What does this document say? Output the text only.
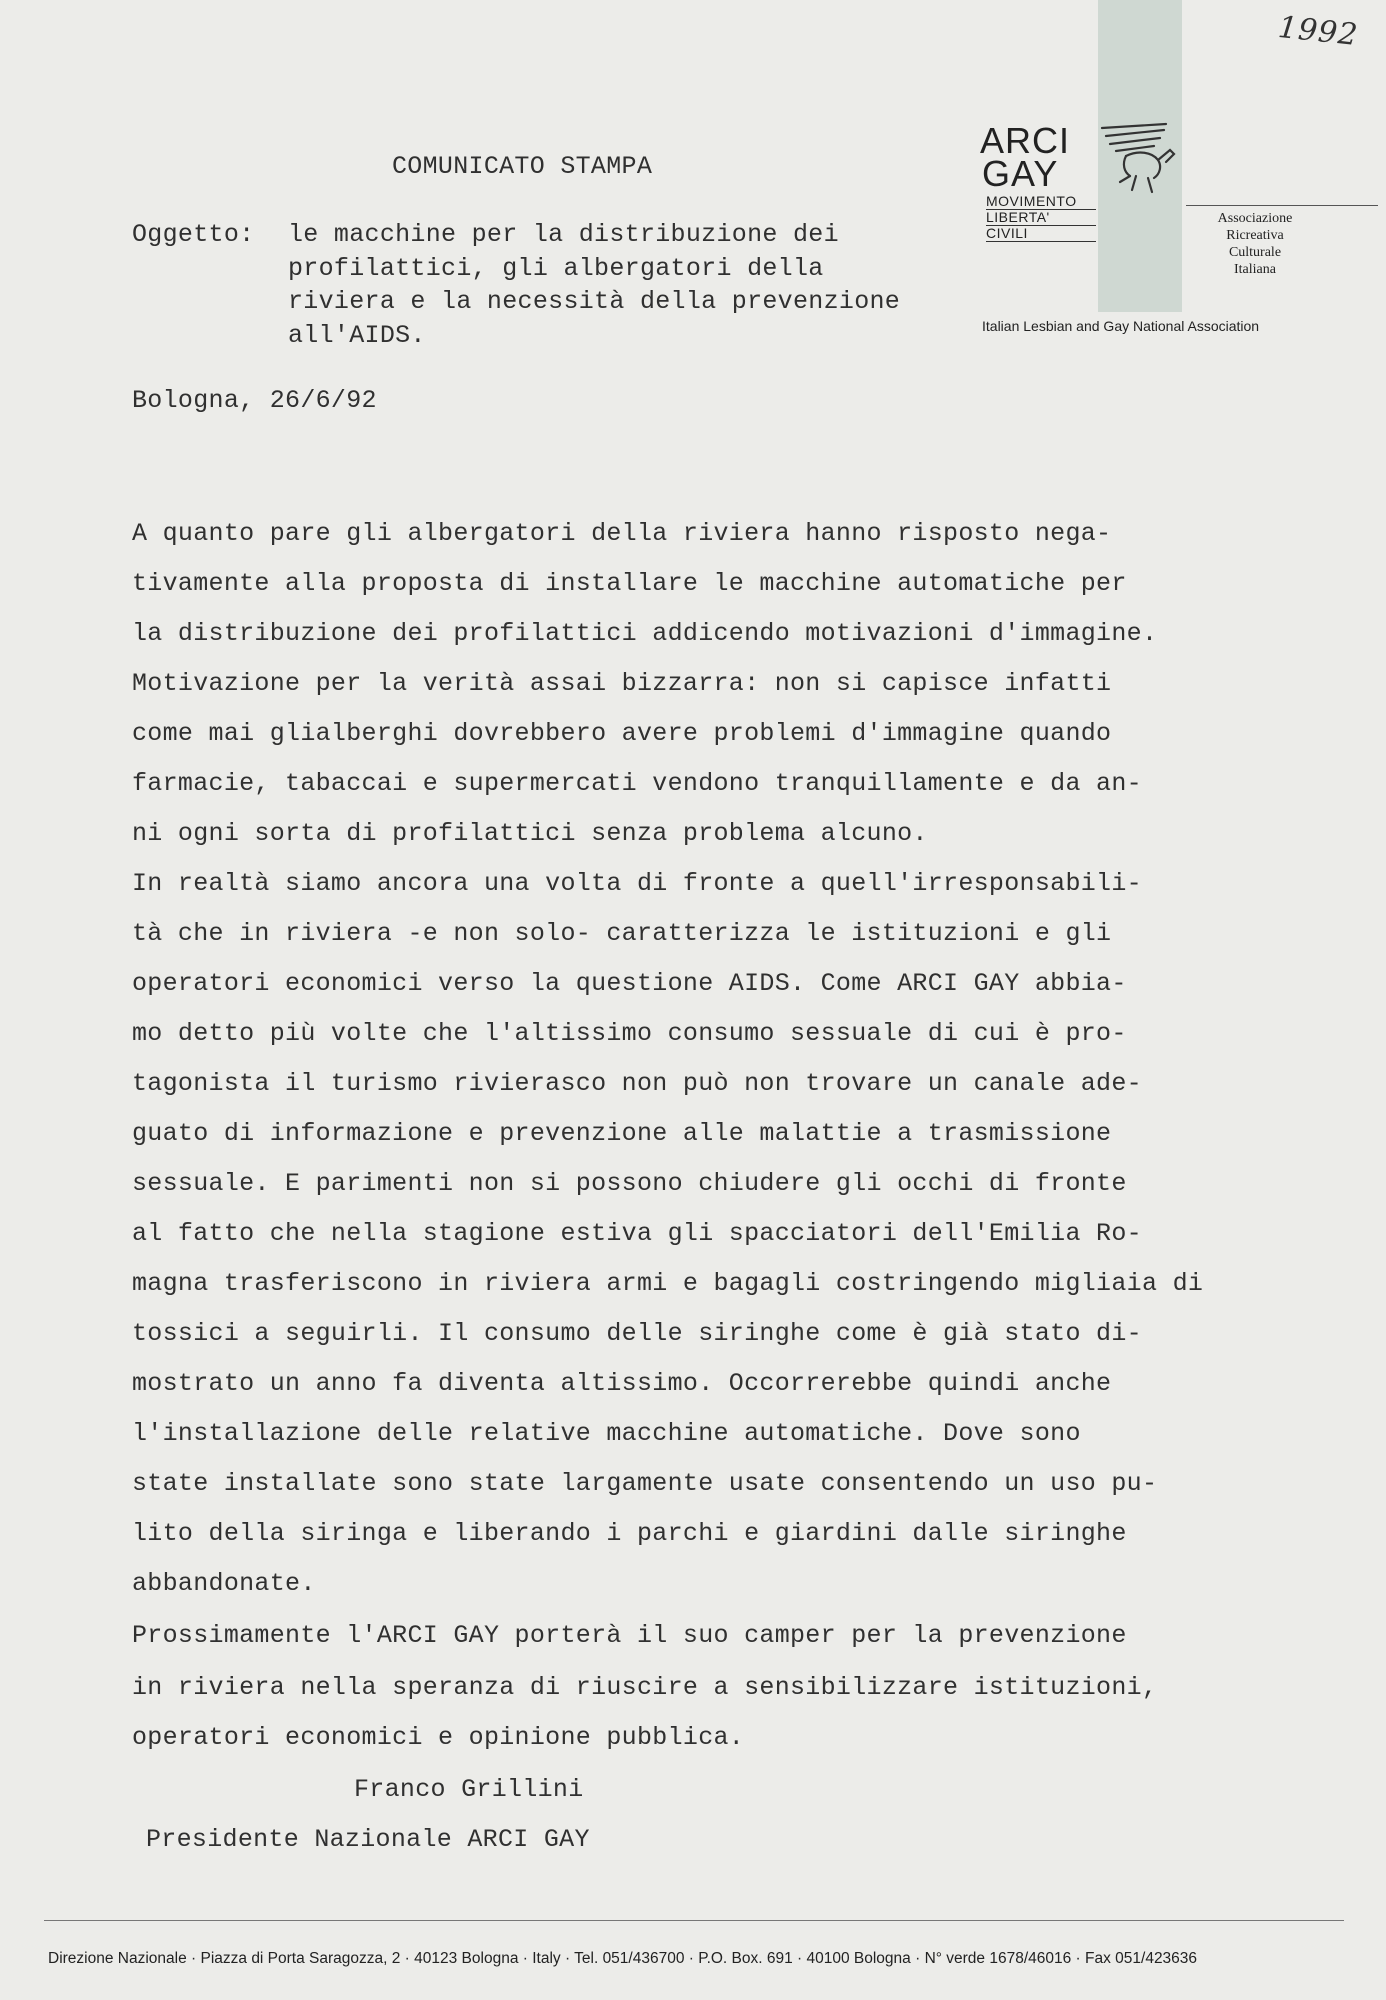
1992
ARCI
GAY
MOVIMENTO
LIBERTA'
CIVILI
Associazione
Ricreativa
Culturale
Italiana
Italian Lesbian and Gay National Association
COMUNICATO STAMPA
Oggetto: le macchine per la distribuzione dei
profilattici, gli albergatori della
riviera e la necessità della prevenzione
all'AIDS.
Bologna, 26/6/92
A quanto pare gli albergatori della riviera hanno risposto nega-
tivamente alla proposta di installare le macchine automatiche per
la distribuzione dei profilattici addicendo motivazioni d'immagine.
Motivazione per la verità assai bizzarra: non si capisce infatti
come mai glialberghi dovrebbero avere problemi d'immagine quando
farmacie, tabaccai e supermercati vendono tranquillamente e da an-
ni ogni sorta di profilattici senza problema alcuno.
In realtà siamo ancora una volta di fronte a quell'irresponsabili-
tà che in riviera -e non solo- caratterizza le istituzioni e gli
operatori economici verso la questione AIDS. Come ARCI GAY abbia-
mo detto più volte che l'altissimo consumo sessuale di cui è pro-
tagonista il turismo rivierasco non può non trovare un canale ade-
guato di informazione e prevenzione alle malattie a trasmissione
sessuale. E parimenti non si possono chiudere gli occhi di fronte
al fatto che nella stagione estiva gli spacciatori dell'Emilia Ro-
magna trasferiscono in riviera armi e bagagli costringendo migliaia di
tossici a seguirli. Il consumo delle siringhe come è già stato di-
mostrato un anno fa diventa altissimo. Occorrerebbe quindi anche
l'installazione delle relative macchine automatiche. Dove sono
state installate sono state largamente usate consentendo un uso pu-
lito della siringa e liberando i parchi e giardini dalle siringhe
abbandonate.
Prossimamente l'ARCI GAY porterà il suo camper per la prevenzione
in riviera nella speranza di riuscire a sensibilizzare istituzioni,
operatori economici e opinione pubblica.
Franco Grillini
Presidente Nazionale ARCI GAY
Direzione Nazionale · Piazza di Porta Saragozza, 2 · 40123 Bologna · Italy · Tel. 051/436700 · P.O. Box. 691 · 40100 Bologna · N° verde 1678/46016 · Fax 051/423636
